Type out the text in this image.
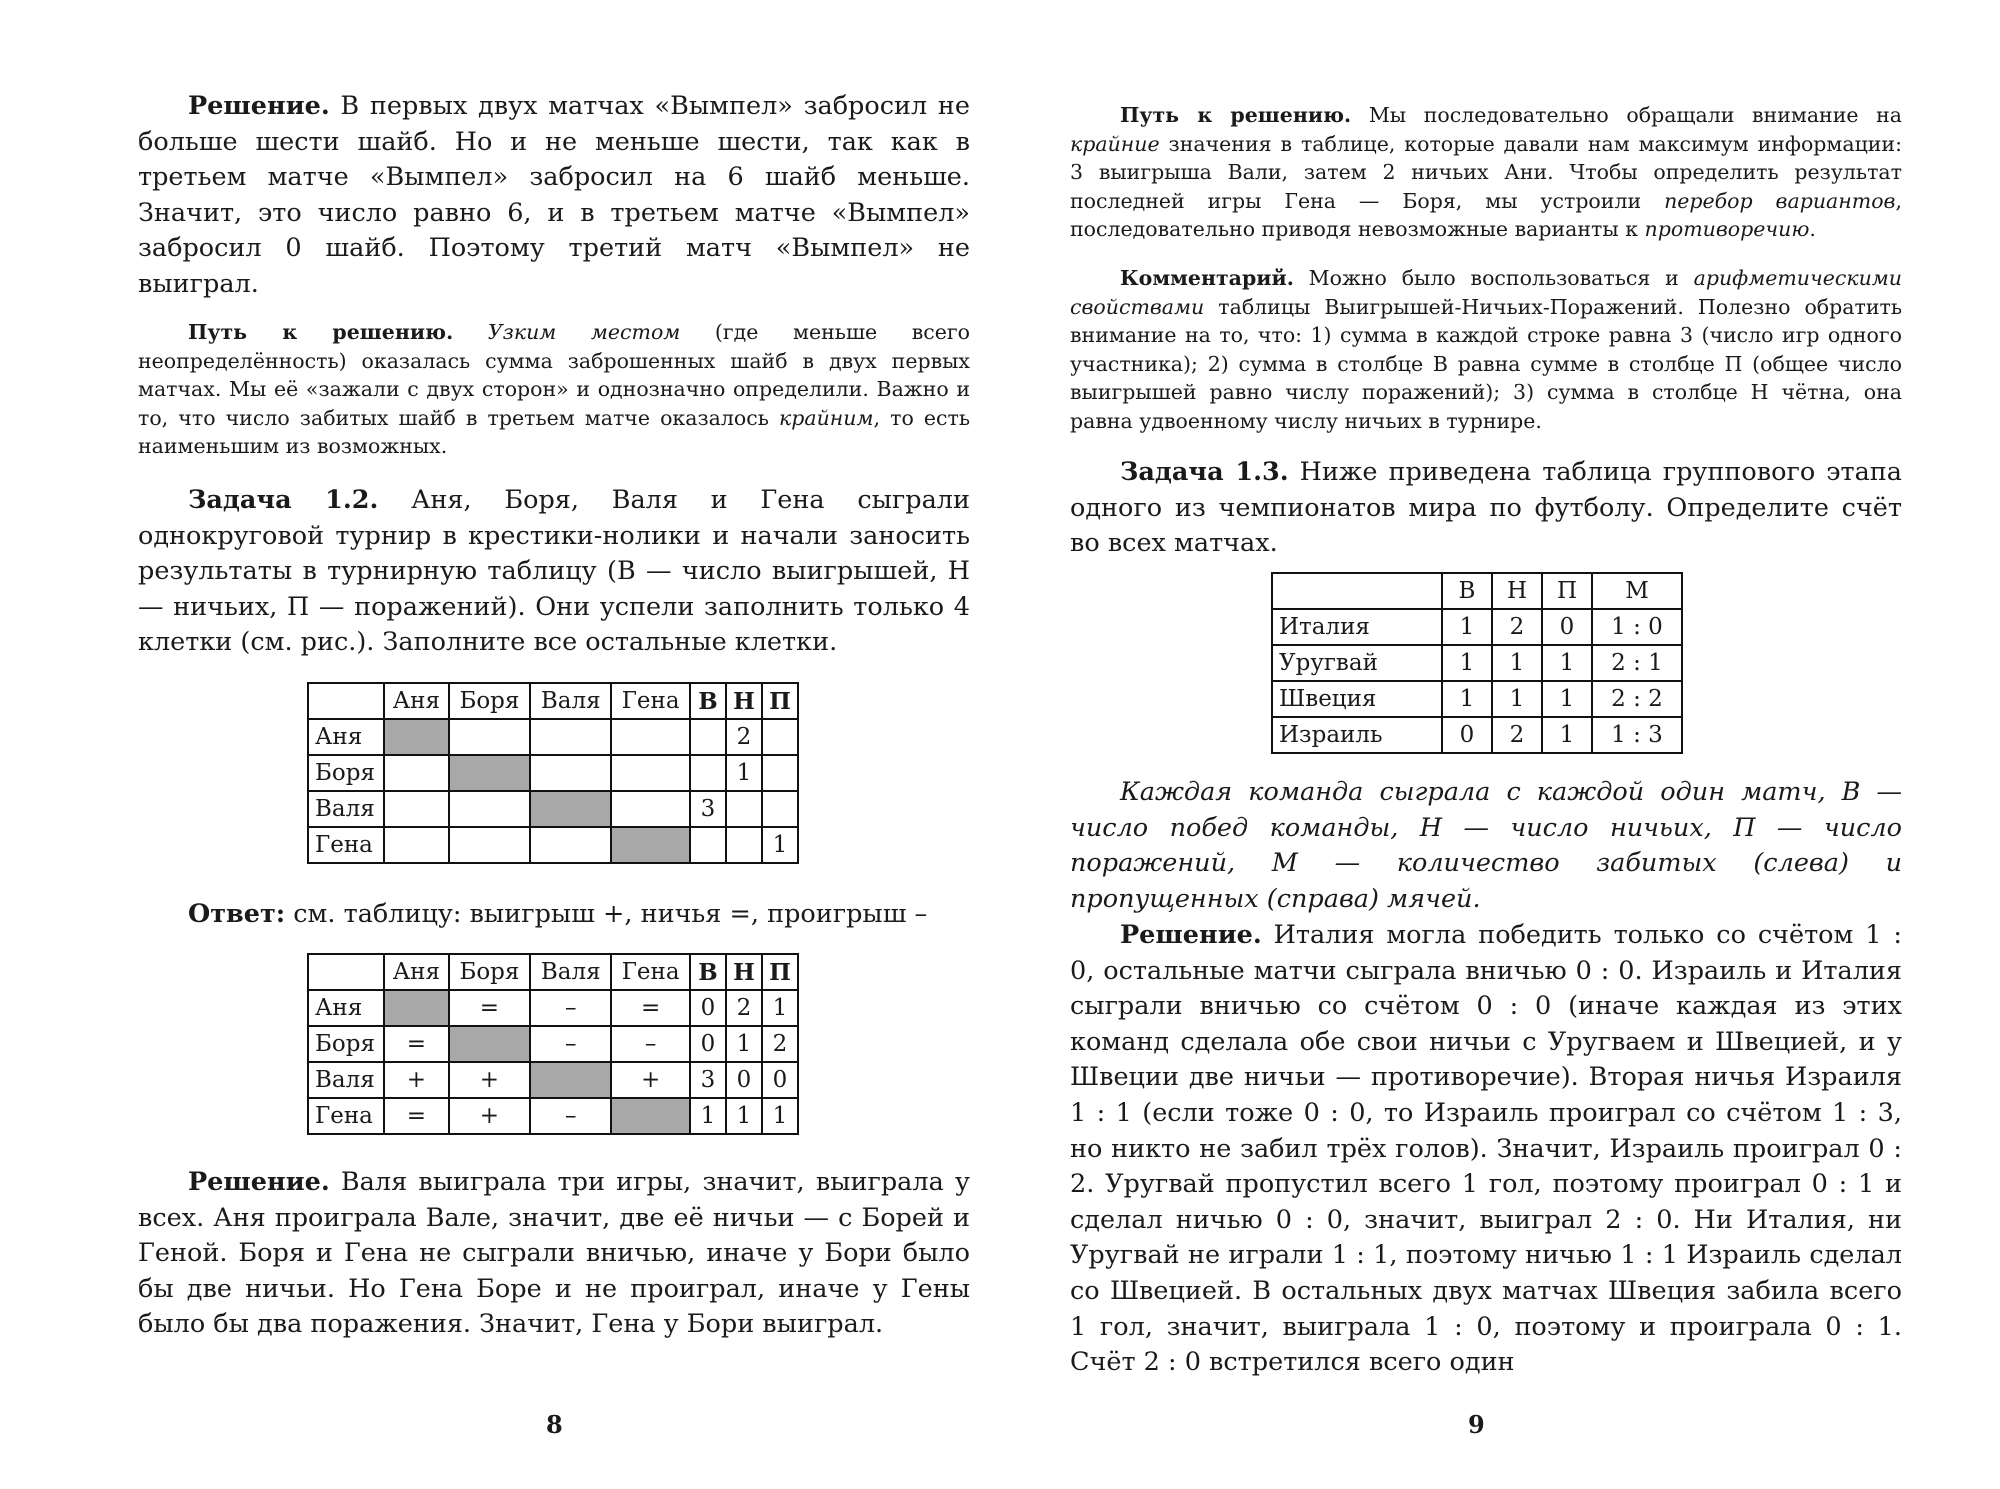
Решение. В первых двух матчах «Вымпел» забросил не больше шести шайб. Но и не меньше шести, так как в третьем матче «Вымпел» забросил на 6 шайб меньше. Значит, это число равно 6, и в третьем матче «Вымпел» забросил 0 шайб. Поэтому третий матч «Вымпел» не выиграл.

Путь к решению. Узким местом (где меньше всего неопределённость) оказалась сумма заброшенных шайб в двух первых матчах. Мы её «зажали с двух сторон» и однозначно определили. Важно и то, что число забитых шайб в третьем матче оказалось крайним, то есть наименьшим из возможных.

Задача 1.2. Аня, Боря, Валя и Гена сыграли однокруговой турнир в крестики-нолики и начали заносить результаты в турнирную таблицу (В — число выигрышей, Н — ничьих, П — поражений). Они успели заполнить только 4 клетки (см. рис.). Заполните все остальные клетки.

	Аня	Боря	Валя	Гена	В	Н	П
Аня						2	
Боря						1	
Валя					3		
Гена							1

Ответ: см. таблицу: выигрыш +, ничья =, проигрыш –

	Аня	Боря	Валя	Гена	В	Н	П
Аня		=	–	=	0	2	1
Боря	=		–	–	0	1	2
Валя	+	+		+	3	0	0
Гена	=	+	–		1	1	1

Решение. Валя выиграла три игры, значит, выиграла у всех. Аня проиграла Вале, значит, две её ничьи — с Борей и Геной. Боря и Гена не сыграли вничью, иначе у Бори было бы две ничьи. Но Гена Боре и не проиграл, иначе у Гены было бы два поражения. Значит, Гена у Бори выиграл.

8

Путь к решению. Мы последовательно обращали внимание на крайние значения в таблице, которые давали нам максимум информации: 3 выигрыша Вали, затем 2 ничьих Ани. Чтобы определить результат последней игры Гена — Боря, мы устроили перебор вариантов, последовательно приводя невозможные варианты к противоречию.

Комментарий. Можно было воспользоваться и арифметическими свойствами таблицы Выигрышей-Ничьих-Поражений. Полезно обратить внимание на то, что: 1) сумма в каждой строке равна 3 (число игр одного участника); 2) сумма в столбце В равна сумме в столбце П (общее число выигрышей равно числу поражений); 3) сумма в столбце Н чётна, она равна удвоенному числу ничьих в турнире.

Задача 1.3. Ниже приведена таблица группового этапа одного из чемпионатов мира по футболу. Определите счёт во всех матчах.

	В	Н	П	М
Италия	1	2	0	1 : 0
Уругвай	1	1	1	2 : 1
Швеция	1	1	1	2 : 2
Израиль	0	2	1	1 : 3

Каждая команда сыграла с каждой один матч, В — число побед команды, Н — число ничьих, П — число поражений, М — количество забитых (слева) и пропущенных (справа) мячей.

Решение. Италия могла победить только со счётом 1 : 0, остальные матчи сыграла вничью 0 : 0. Израиль и Италия сыграли вничью со счётом 0 : 0 (иначе каждая из этих команд сделала обе свои ничьи с Уругваем и Швецией, и у Швеции две ничьи — противоречие). Вторая ничья Израиля 1 : 1 (если тоже 0 : 0, то Израиль проиграл со счётом 1 : 3, но никто не забил трёх голов). Значит, Израиль проиграл 0 : 2. Уругвай пропустил всего 1 гол, поэтому проиграл 0 : 1 и сделал ничью 0 : 0, значит, выиграл 2 : 0. Ни Италия, ни Уругвай не играли 1 : 1, поэтому ничью 1 : 1 Израиль сделал со Швецией. В остальных двух матчах Швеция забила всего 1 гол, значит, выиграла 1 : 0, поэтому и проиграла 0 : 1. Счёт 2 : 0 встретился всего один

9
